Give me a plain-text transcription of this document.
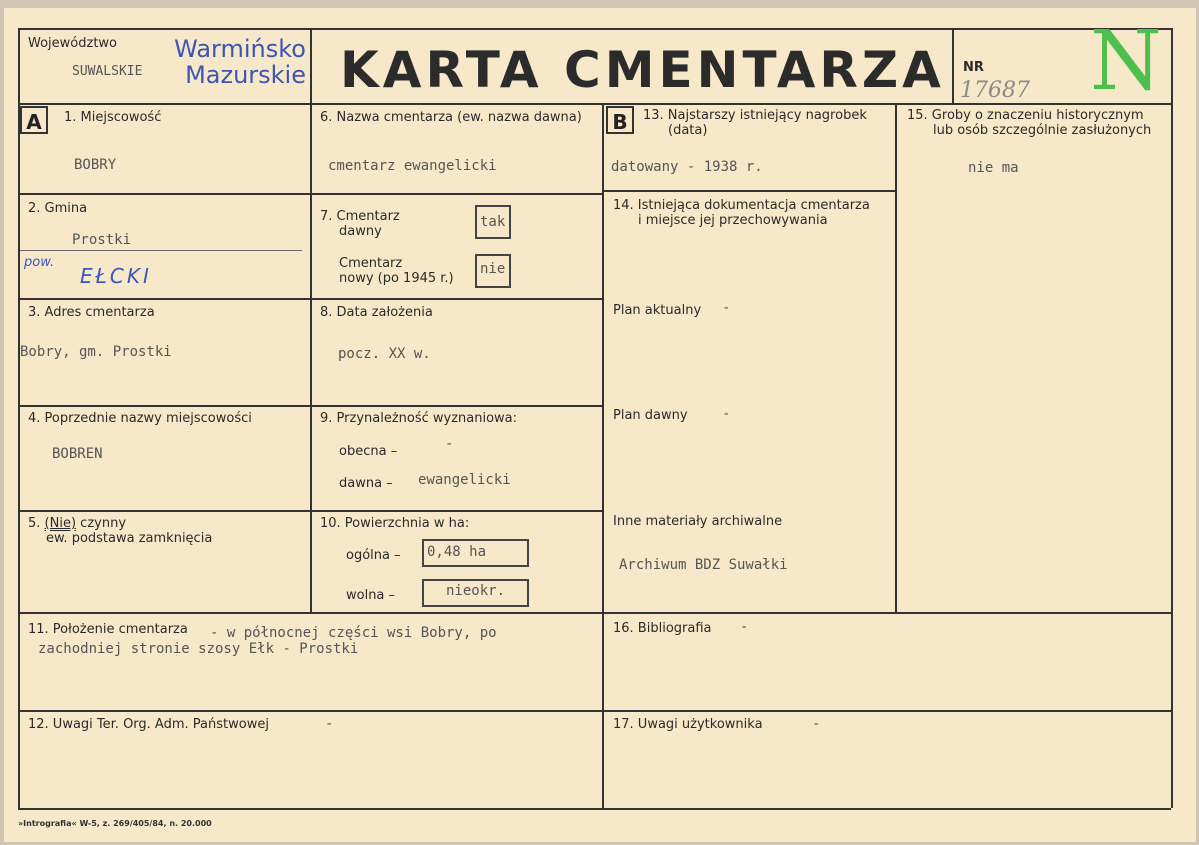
Województwo
SUWALSKIE
Warmińsko
Mazurskie KARTA CMENTARZA NR
17687 N
A	1. Miejscowość
BOBRY
2. Gmina
Prostki
pow.
EŁCKI
3. Adres cmentarza
Bobry, gm. Prostki
4. Poprzednie nazwy miejscowości
BOBREN
5. (Nie) czynny
ew. podstawa zamknięcia
6. Nazwa cmentarza (ew. nazwa dawna)
cmentarz ewangelicki
7. Cmentarz
dawny
tak
Cmentarz
nowy (po 1945 r.)
nie
8. Data założenia
pocz. XX w.
9. Przynależność wyznaniowa:
obecna –	-
dawna – ewangelicki
10. Powierzchnia w ha:
ogólna –	0,48 ha
wolna –	nieokr.
11. Położenie cmentarza - w północnej części wsi Bobry, po
zachodniej stronie szosy Ełk - Prostki
12. Uwagi Ter. Org. Adm. Państwowej	-
B	13. Najstarszy istniejący nagrobek
(data)
datowany - 1938 r.
14. Istniejąca dokumentacja cmentarza
i miejsce jej przechowywania
Plan aktualny -
Plan dawny -
Inne materiały archiwalne
Archiwum BDZ Suwałki
15. Groby o znaczeniu historycznym
lub osób szczególnie zasłużonych
nie ma
16. Bibliografia -
17. Uwagi użytkownika	-
»Intrografia« W-5, z. 269/405/84, n. 20.000
